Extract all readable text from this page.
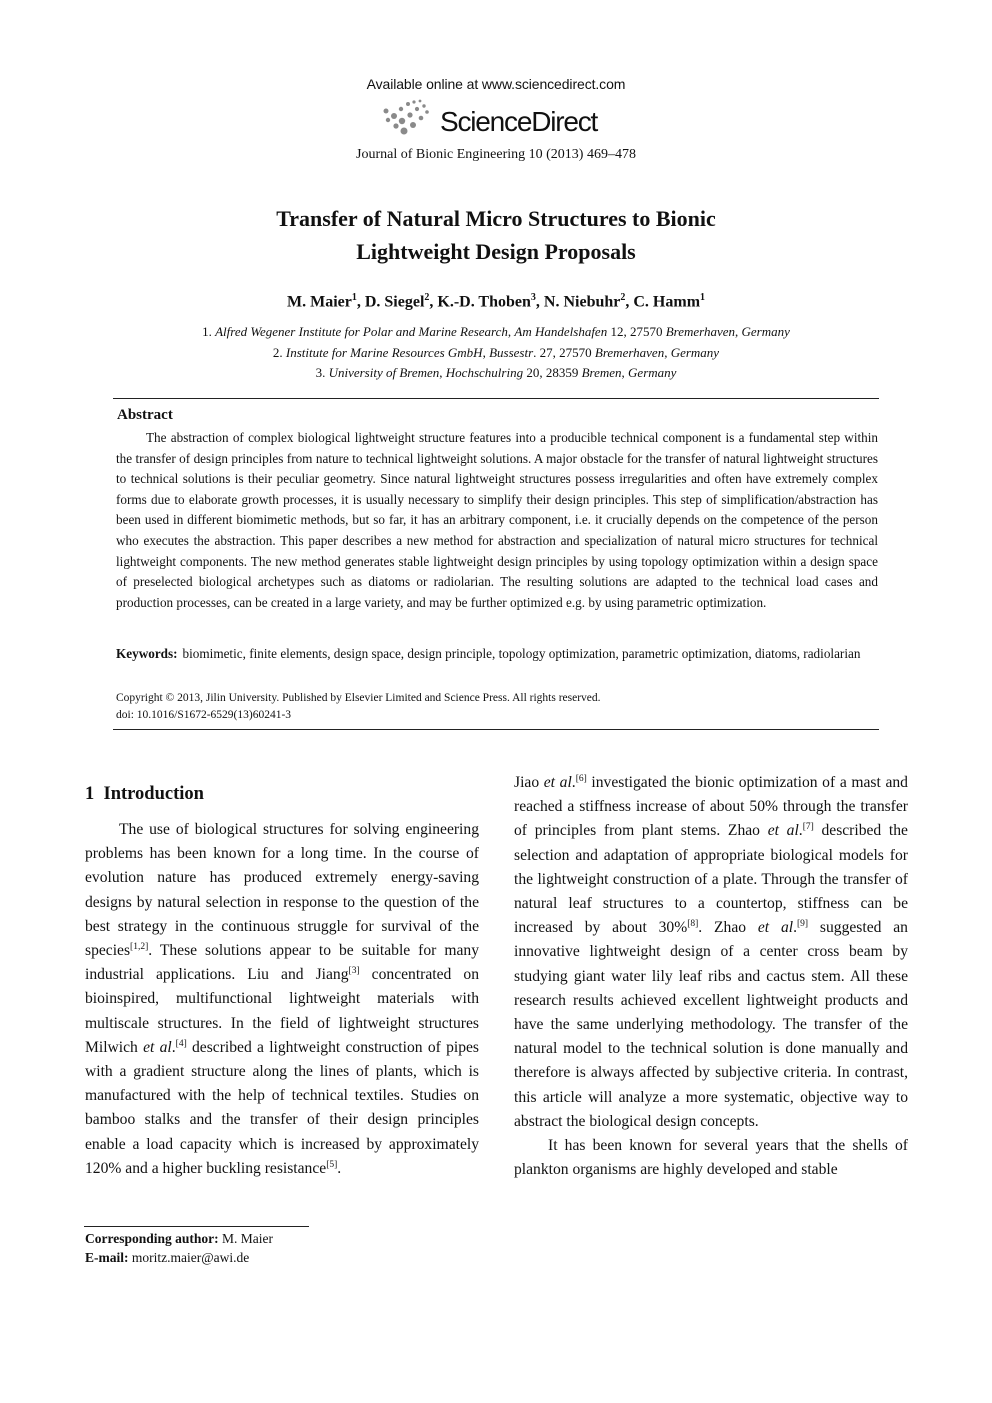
Available online at www.sciencedirect.com
ScienceDirect
Journal of Bionic Engineering 10 (2013) 469–478
Transfer of Natural Micro Structures to Bionic
Lightweight Design Proposals
M. Maier$^1$, D. Siegel$^2$, K.-D. Thoben$^3$, N. Niebuhr$^2$, C. Hamm$^1$
1. Alfred Wegener Institute for Polar and Marine Research, Am Handelshafen 12, 27570 Bremerhaven, Germany
2. Institute for Marine Resources GmbH, Bussestr. 27, 27570 Bremerhaven, Germany
3. University of Bremen, Hochschulring 20, 28359 Bremen, Germany
Abstract

The abstraction of complex biological lightweight structure features into a producible technical component is a fundamental step within the transfer of design principles from nature to technical lightweight solutions. A major obstacle for the transfer of natural lightweight structures to technical solutions is their peculiar geometry. Since natural lightweight structures possess irregularities and often have extremely complex forms due to elaborate growth processes, it is usually necessary to simplify their design principles. This step of simplification/abstraction has been used in different biomimetic methods, but so far, it has an arbitrary component, i.e. it crucially depends on the competence of the person who executes the abstraction. This paper describes a new method for abstraction and specialization of natural micro structures for technical lightweight components. The new method generates stable lightweight design principles by using topology optimization within a design space of preselected biological archetypes such as diatoms or radiolarian. The resulting solutions are adapted to the technical load cases and production processes, can be created in a large variety, and may be further optimized e.g. by using parametric optimization.

Keywords: biomimetic, finite elements, design space, design principle, topology optimization, parametric optimization, diatoms, radiolarian
Copyright © 2013, Jilin University. Published by Elsevier Limited and Science Press. All rights reserved.
doi: 10.1016/S1672-6529(13)60241-3
1 Introduction

The use of biological structures for solving engineering problems has been known for a long time. In the course of evolution nature has produced extremely energy-saving designs by natural selection in response to the question of the best strategy in the continuous struggle for survival of the species[1,2]. These solutions appear to be suitable for many industrial applications. Liu and Jiang[3] concentrated on bioinspired, multifunctional lightweight materials with multiscale structures. In the field of lightweight structures Milwich et al.[4] described a lightweight construction of pipes with a gradient structure along the lines of plants, which is manufactured with the help of technical textiles. Studies on bamboo stalks and the transfer of their design principles enable a load capacity which is increased by approximately 120% and a higher buckling resistance[5].

Jiao et al.[6] investigated the bionic optimization of a mast and reached a stiffness increase of about 50% through the transfer of principles from plant stems. Zhao et al.[7] described the selection and adaptation of appropriate biological models for the lightweight construction of a plate. Through the transfer of natural leaf structures to a countertop, stiffness can be increased by about 30%[8]. Zhao et al.[9] suggested an innovative lightweight design of a center cross beam by studying giant water lily leaf ribs and cactus stem. All these research results achieved excellent lightweight products and have the same underlying methodology. The transfer of the natural model to the technical solution is done manually and therefore is always affected by subjective criteria. In contrast, this article will analyze a more systematic, objective way to abstract the biological design concepts.

It has been known for several years that the shells of plankton organisms are highly developed and stable

Corresponding author: M. Maier
E-mail: moritz.maier@awi.de
